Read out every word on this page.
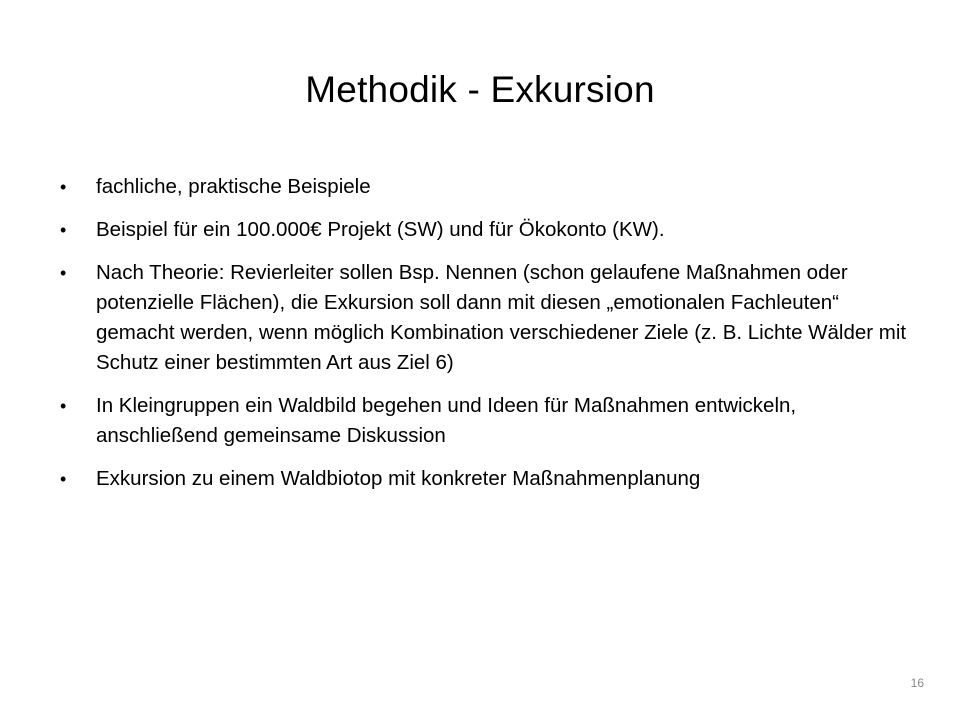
Methodik - Exkursion
•	fachliche, praktische Beispiele
•	Beispiel für ein 100.000€ Projekt (SW) und für Ökokonto (KW).
•	Nach Theorie: Revierleiter sollen Bsp. Nennen (schon gelaufene Maßnahmen oder potenzielle Flächen), die Exkursion soll dann mit diesen „emotionalen Fachleuten“ gemacht werden, wenn möglich Kombination verschiedener Ziele (z. B. Lichte Wälder mit Schutz einer bestimmten Art aus Ziel 6)
•	In Kleingruppen ein Waldbild begehen und Ideen für Maßnahmen entwickeln, anschließend gemeinsame Diskussion
•	Exkursion zu einem Waldbiotop mit konkreter Maßnahmenplanung
16
